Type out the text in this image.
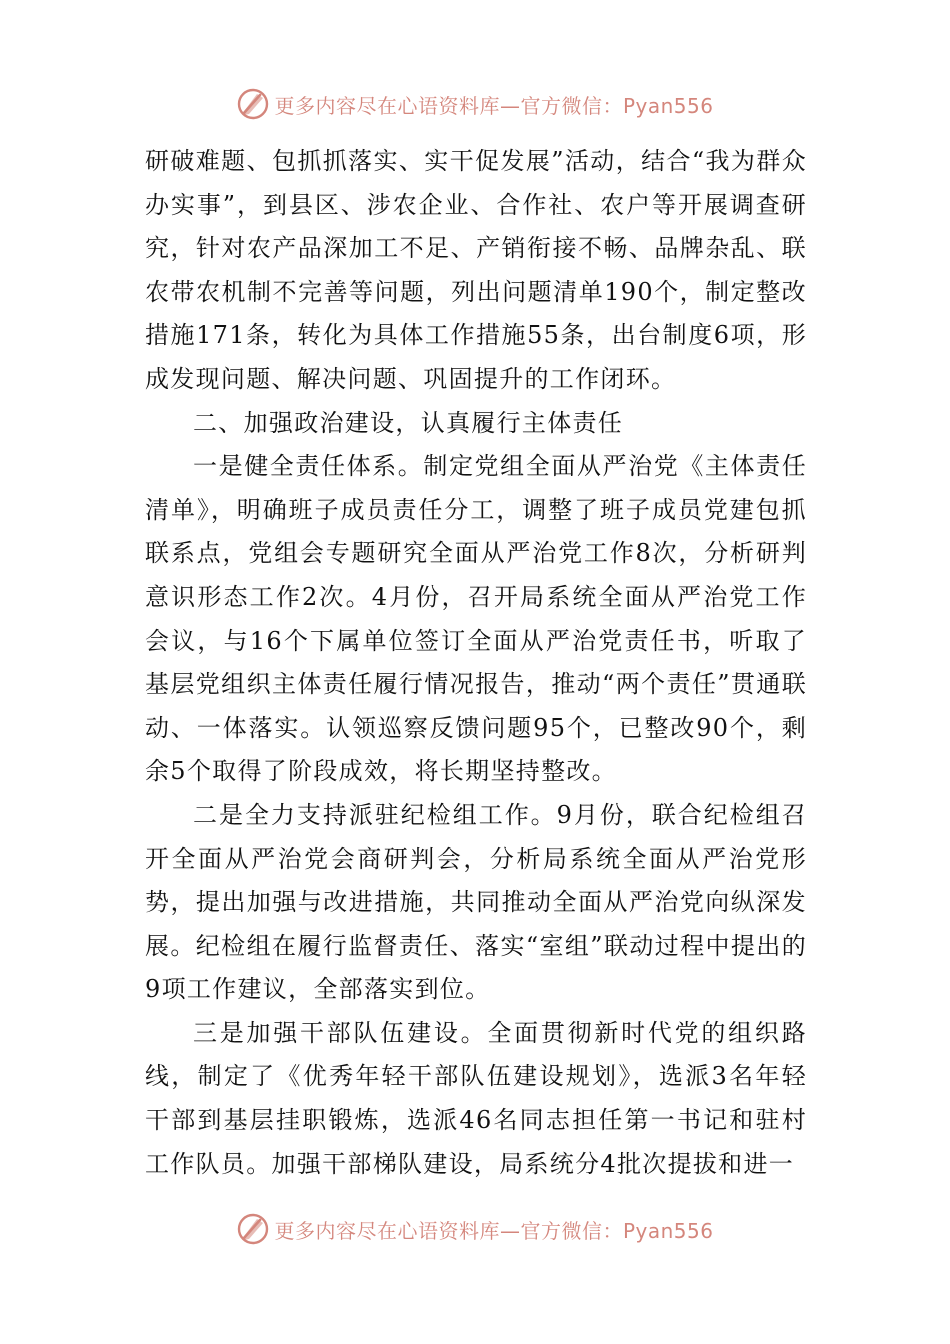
更多内容尽在心语资料库—官方微信：Pyan556

研破难题、包抓抓落实、实干促发展”活动，结合“我为群众办实事”，到县区、涉农企业、合作社、农户等开展调查研究，针对农产品深加工不足、产销衔接不畅、品牌杂乱、联农带农机制不完善等问题，列出问题清单190个，制定整改措施171条，转化为具体工作措施55条，出台制度6项，形成发现问题、解决问题、巩固提升的工作闭环。

二、加强政治建设，认真履行主体责任

一是健全责任体系。制定党组全面从严治党《主体责任清单》，明确班子成员责任分工，调整了班子成员党建包抓联系点，党组会专题研究全面从严治党工作8次，分析研判意识形态工作2次。4月份，召开局系统全面从严治党工作会议，与16个下属单位签订全面从严治党责任书，听取了基层党组织主体责任履行情况报告，推动“两个责任”贯通联动、一体落实。认领巡察反馈问题95个，已整改90个，剩余5个取得了阶段成效，将长期坚持整改。

二是全力支持派驻纪检组工作。9月份，联合纪检组召开全面从严治党会商研判会，分析局系统全面从严治党形势，提出加强与改进措施，共同推动全面从严治党向纵深发展。纪检组在履行监督责任、落实“室组”联动过程中提出的9项工作建议，全部落实到位。

三是加强干部队伍建设。全面贯彻新时代党的组织路线，制定了《优秀年轻干部队伍建设规划》，选派3名年轻干部到基层挂职锻炼，选派46名同志担任第一书记和驻村工作队员。加强干部梯队建设，局系统分4批次提拔和进一

更多内容尽在心语资料库—官方微信：Pyan556
